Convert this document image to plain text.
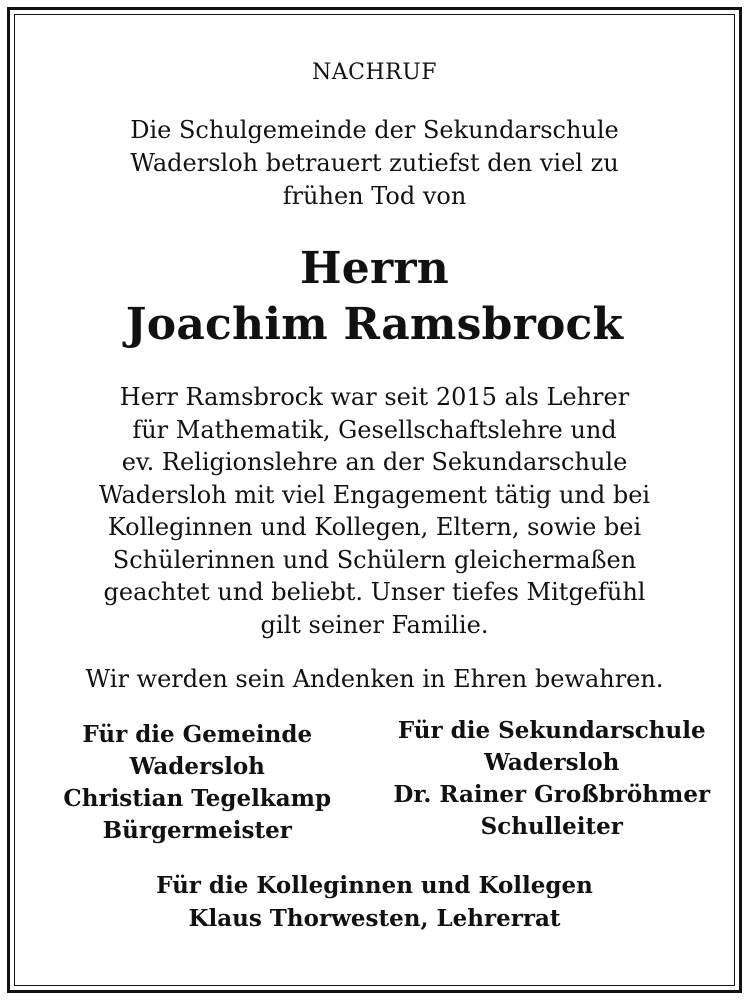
NACHRUF
Die Schulgemeinde der Sekundarschule
Wadersloh betrauert zutiefst den viel zu
frühen Tod von
Herrn
Joachim Ramsbrock
Herr Ramsbrock war seit 2015 als Lehrer
für Mathematik, Gesellschaftslehre und
ev. Religionslehre an der Sekundarschule
Wadersloh mit viel Engagement tätig und bei
Kolleginnen und Kollegen, Eltern, sowie bei
Schülerinnen und Schülern gleichermaßen
geachtet und beliebt. Unser tiefes Mitgefühl
gilt seiner Familie.
Wir werden sein Andenken in Ehren bewahren.
Für die Gemeinde
Wadersloh
Christian Tegelkamp
Bürgermeister
Für die Sekundarschule
Wadersloh
Dr. Rainer Großbröhmer
Schulleiter
Für die Kolleginnen und Kollegen
Klaus Thorwesten, Lehrerrat
